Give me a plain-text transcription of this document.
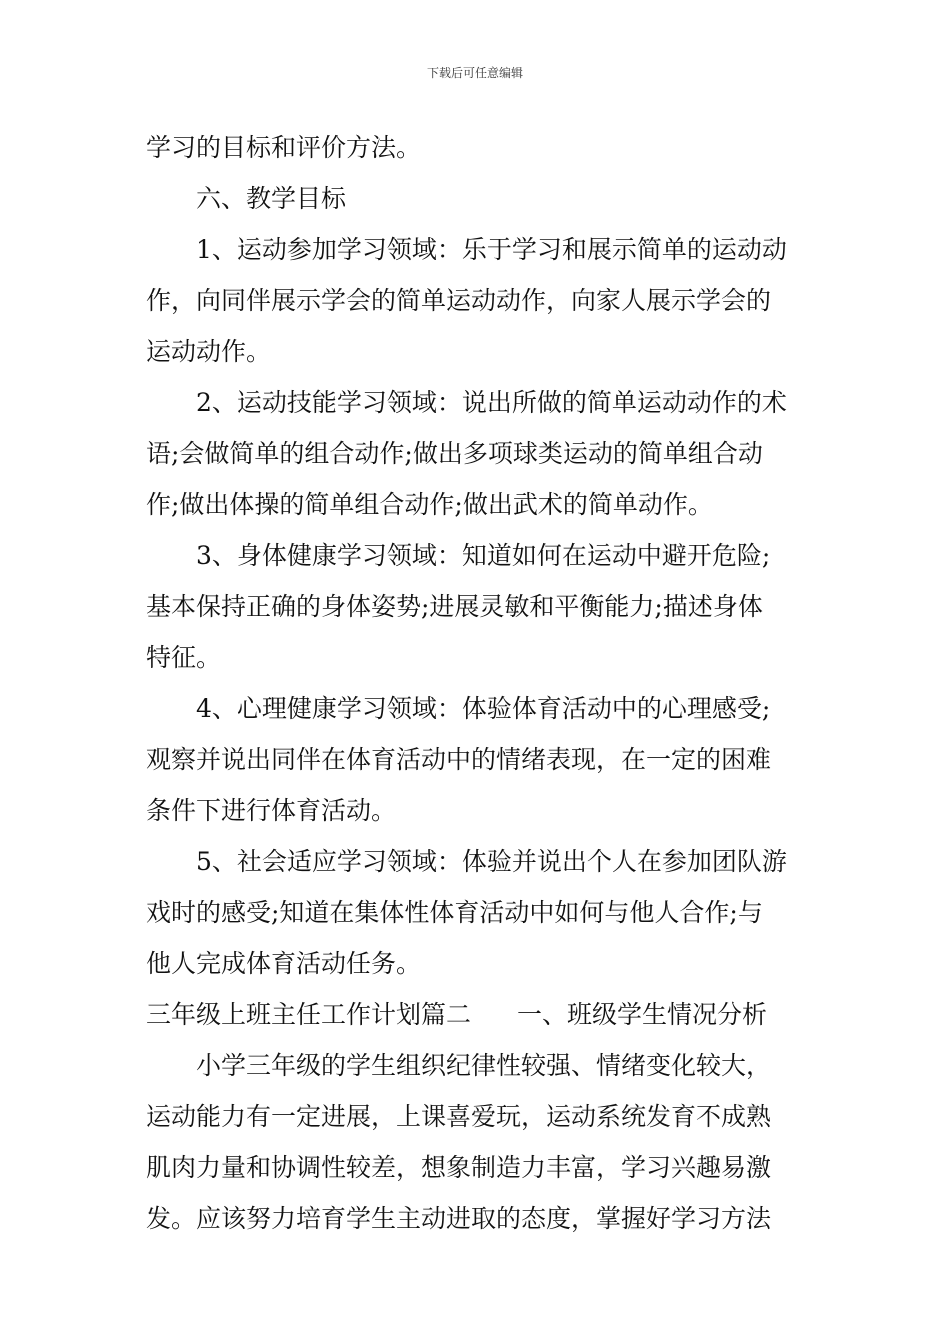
下载后可任意编辑
学习的目标和评价方法。
六、教学目标
1、运动参加学习领域：乐于学习和展示简单的运动动
作，向同伴展示学会的简单运动动作，向家人展示学会的
运动动作。
2、运动技能学习领域：说出所做的简单运动动作的术
语;会做简单的组合动作;做出多项球类运动的简单组合动
作;做出体操的简单组合动作;做出武术的简单动作。
3、身体健康学习领域：知道如何在运动中避开危险;
基本保持正确的身体姿势;进展灵敏和平衡能力;描述身体
特征。
4、心理健康学习领域：体验体育活动中的心理感受;
观察并说出同伴在体育活动中的情绪表现，在一定的困难
条件下进行体育活动。
5、社会适应学习领域：体验并说出个人在参加团队游
戏时的感受;知道在集体性体育活动中如何与他人合作;与
他人完成体育活动任务。
三年级上班主任工作计划篇二 一、班级学生情况分析
小学三年级的学生组织纪律性较强、情绪变化较大，
运动能力有一定进展，上课喜爱玩，运动系统发育不成熟
肌肉力量和协调性较差，想象制造力丰富，学习兴趣易激
发。应该努力培育学生主动进取的态度，掌握好学习方法
